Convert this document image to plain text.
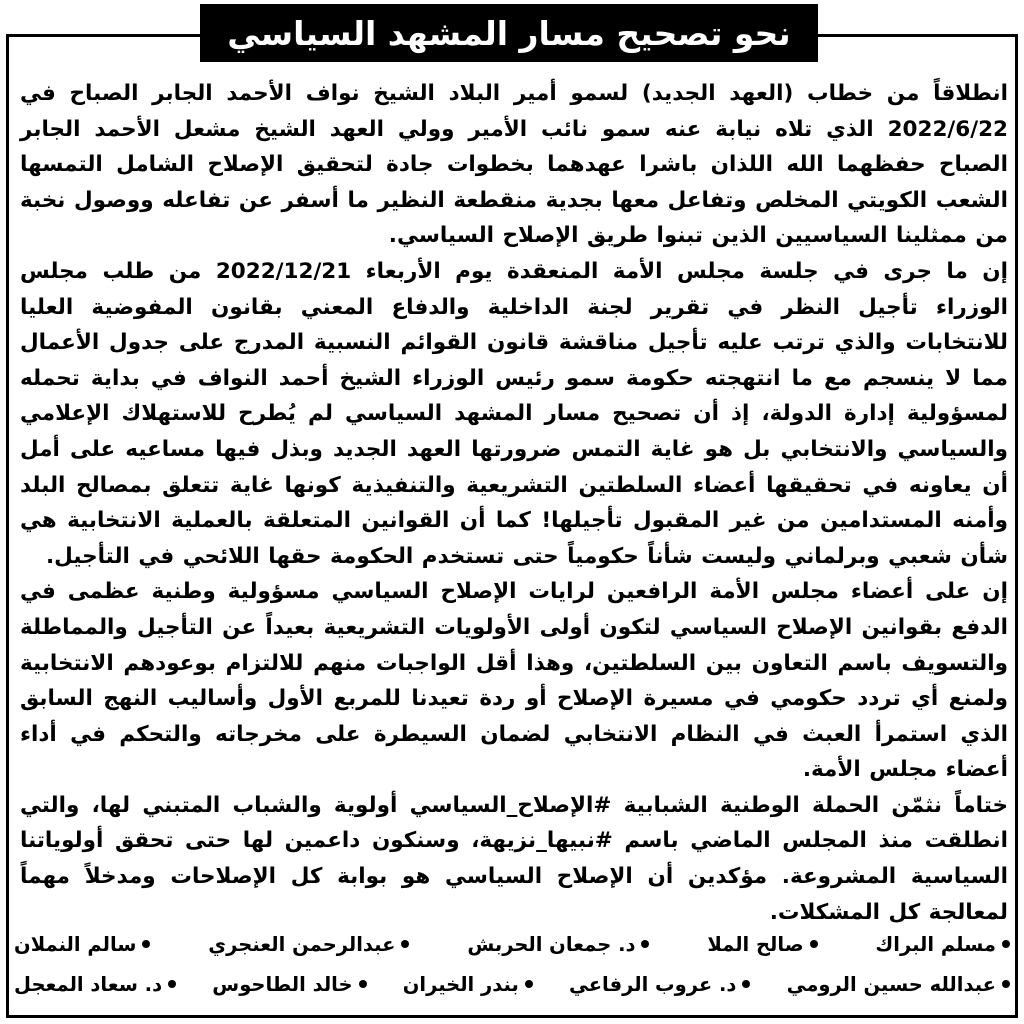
نحو تصحيح مسار المشهد السياسي

انطلاقاً من خطاب (العهد الجديد) لسمو أمير البلاد الشيخ نواف الأحمد الجابر الصباح في 2022/6/22 الذي تلاه نيابة عنه سمو نائب الأمير وولي العهد الشيخ مشعل الأحمد الجابر الصباح حفظهما الله اللذان باشرا عهدهما بخطوات جادة لتحقيق الإصلاح الشامل التمسها الشعب الكويتي المخلص وتفاعل معها بجدية منقطعة النظير ما أسفر عن تفاعله ووصول نخبة من ممثلينا السياسيين الذين تبنوا طريق الإصلاح السياسي.

إن ما جرى في جلسة مجلس الأمة المنعقدة يوم الأربعاء 2022/12/21 من طلب مجلس الوزراء تأجيل النظر في تقرير لجنة الداخلية والدفاع المعني بقانون المفوضية العليا للانتخابات والذي ترتب عليه تأجيل مناقشة قانون القوائم النسبية المدرج على جدول الأعمال مما لا ينسجم مع ما انتهجته حكومة سمو رئيس الوزراء الشيخ أحمد النواف في بداية تحمله لمسؤولية إدارة الدولة، إذ أن تصحيح مسار المشهد السياسي لم يُطرح للاستهلاك الإعلامي والسياسي والانتخابي بل هو غاية التمس ضرورتها العهد الجديد وبذل فيها مساعيه على أمل أن يعاونه في تحقيقها أعضاء السلطتين التشريعية والتنفيذية كونها غاية تتعلق بمصالح البلد وأمنه المستدامين من غير المقبول تأجيلها! كما أن القوانين المتعلقة بالعملية الانتخابية هي شأن شعبي وبرلماني وليست شأناً حكومياً حتى تستخدم الحكومة حقها اللائحي في التأجيل.

إن على أعضاء مجلس الأمة الرافعين لرايات الإصلاح السياسي مسؤولية وطنية عظمى في الدفع بقوانين الإصلاح السياسي لتكون أولى الأولويات التشريعية بعيداً عن التأجيل والمماطلة والتسويف باسم التعاون بين السلطتين، وهذا أقل الواجبات منهم للالتزام بوعودهم الانتخابية ولمنع أي تردد حكومي في مسيرة الإصلاح أو ردة تعيدنا للمربع الأول وأساليب النهج السابق الذي استمرأ العبث في النظام الانتخابي لضمان السيطرة على مخرجاته والتحكم في أداء أعضاء مجلس الأمة.

ختاماً نثمّن الحملة الوطنية الشبابية #الإصلاح_السياسي أولوية والشباب المتبني لها، والتي انطلقت منذ المجلس الماضي باسم #نبيها_نزيهة، وسنكون داعمين لها حتى تحقق أولوياتنا السياسية المشروعة. مؤكدين أن الإصلاح السياسي هو بوابة كل الإصلاحات ومدخلاً مهماً لمعالجة كل المشكلات.

مسلم البراك
صالح الملا
د. جمعان الحربش
عبدالرحمن العنجري
سالم النملان
عبدالله حسين الرومي
د. عروب الرفاعي
بندر الخيران
خالد الطاحوس
د. سعاد المعجل
